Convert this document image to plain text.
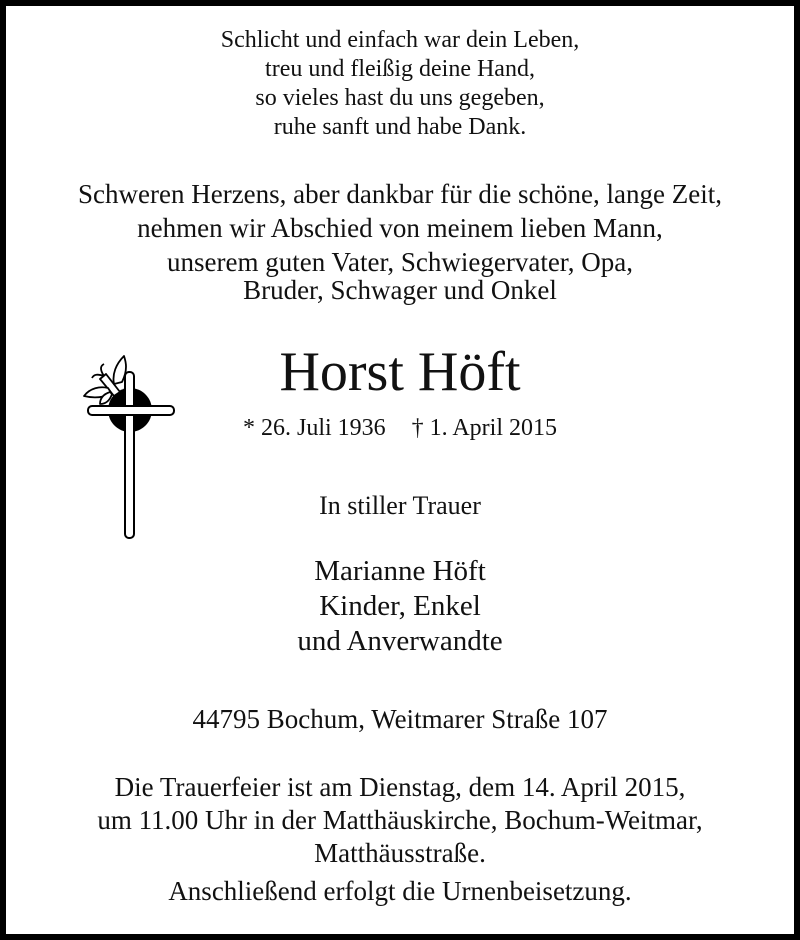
Schlicht und einfach war dein Leben,
treu und fleißig deine Hand,
so vieles hast du uns gegeben,
ruhe sanft und habe Dank.
Schweren Herzens, aber dankbar für die schöne, lange Zeit,
nehmen wir Abschied von meinem lieben Mann,
unserem guten Vater, Schwiegervater, Opa,
Bruder, Schwager und Onkel
Horst Höft
* 26. Juli 1936 † 1. April 2015
In stiller Trauer
Marianne Höft
Kinder, Enkel
und Anverwandte
44795 Bochum, Weitmarer Straße 107
Die Trauerfeier ist am Dienstag, dem 14. April 2015,
um 11.00 Uhr in der Matthäuskirche, Bochum-Weitmar,
Matthäusstraße.
Anschließend erfolgt die Urnenbeisetzung.
